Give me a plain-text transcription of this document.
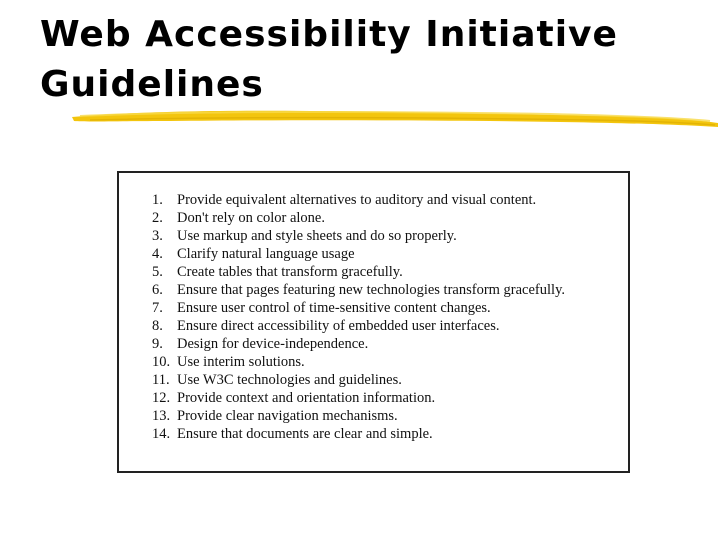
Web Accessibility Initiative Guidelines
1. Provide equivalent alternatives to auditory and visual content.
2. Don't rely on color alone.
3. Use markup and style sheets and do so properly.
4. Clarify natural language usage
5. Create tables that transform gracefully.
6. Ensure that pages featuring new technologies transform gracefully.
7. Ensure user control of time-sensitive content changes.
8. Ensure direct accessibility of embedded user interfaces.
9. Design for device-independence.
10. Use interim solutions.
11. Use W3C technologies and guidelines.
12. Provide context and orientation information.
13. Provide clear navigation mechanisms.
14. Ensure that documents are clear and simple.
